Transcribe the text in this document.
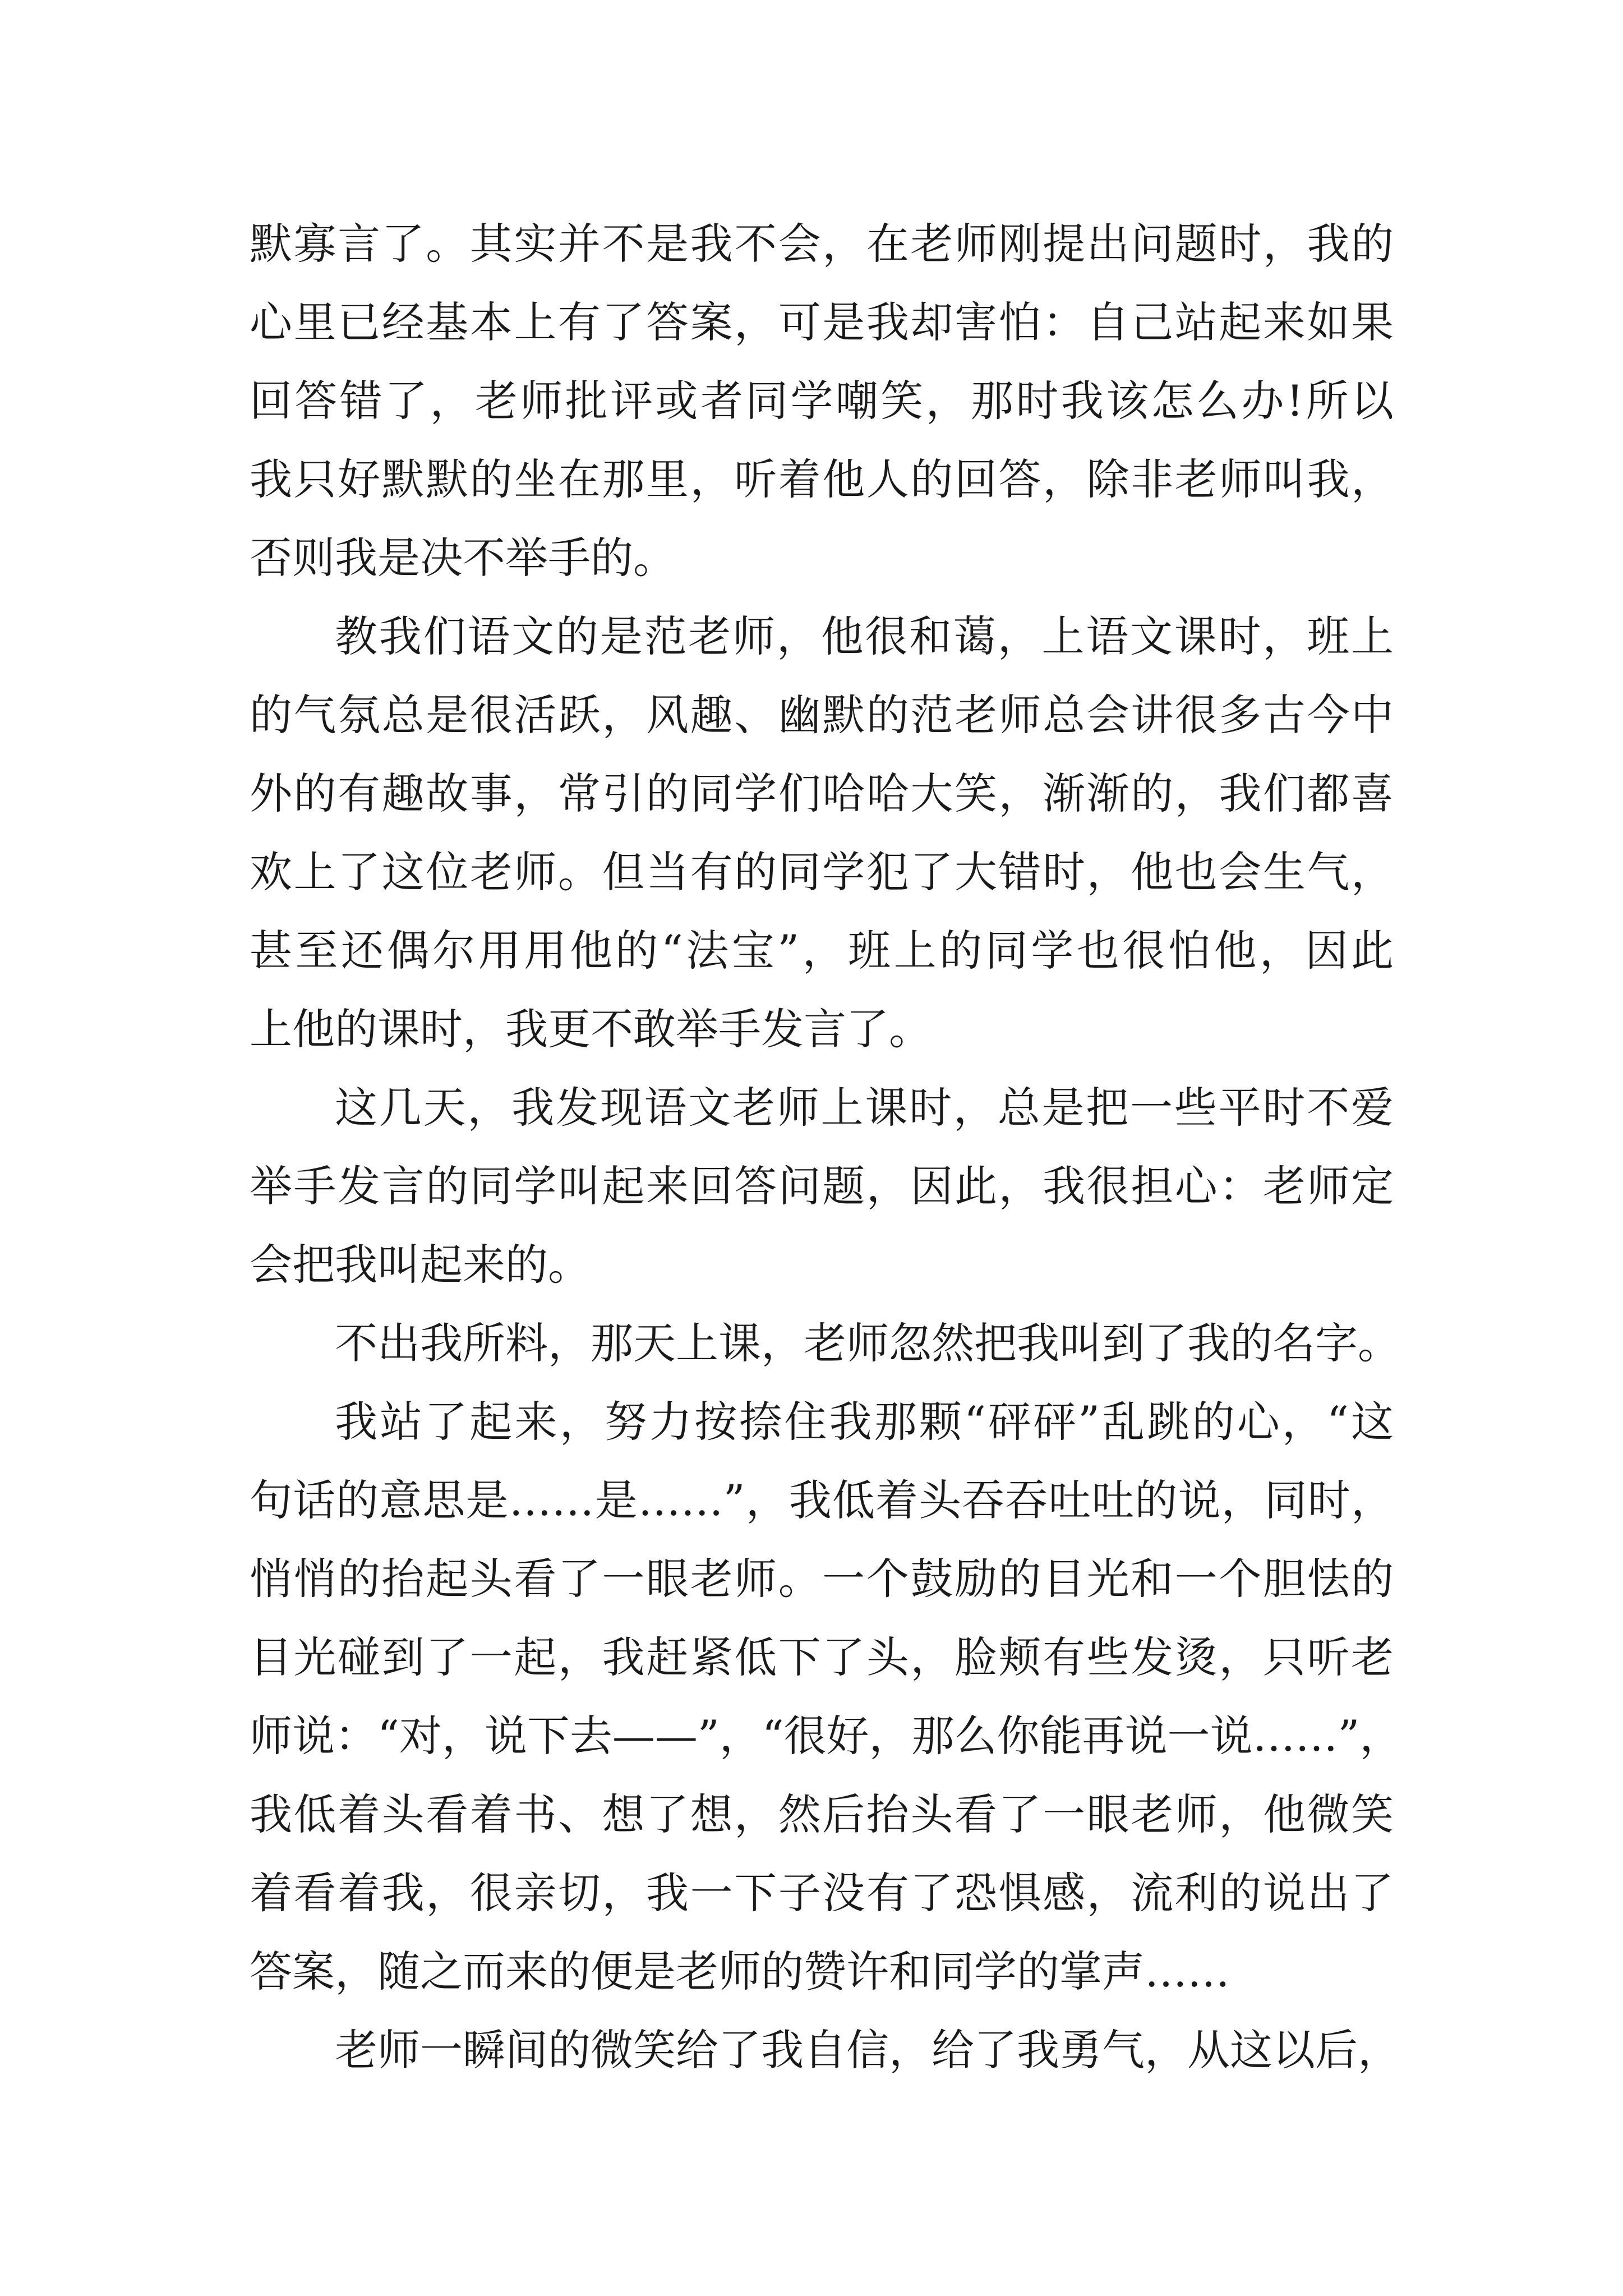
默寡言了。其实并不是我不会，在老师刚提出问题时，我的
心里已经基本上有了答案，可是我却害怕：自己站起来如果
回答错了，老师批评或者同学嘲笑，那时我该怎么办!所以
我只好默默的坐在那里，听着他人的回答，除非老师叫我，
否则我是决不举手的。
教我们语文的是范老师，他很和蔼，上语文课时，班上
的气氛总是很活跃，风趣、幽默的范老师总会讲很多古今中
外的有趣故事，常引的同学们哈哈大笑，渐渐的，我们都喜
欢上了这位老师。但当有的同学犯了大错时，他也会生气，
甚至还偶尔用用他的“法宝”，班上的同学也很怕他，因此
上他的课时，我更不敢举手发言了。
这几天，我发现语文老师上课时，总是把一些平时不爱
举手发言的同学叫起来回答问题，因此，我很担心：老师定
会把我叫起来的。
不出我所料，那天上课，老师忽然把我叫到了我的名字。
我站了起来，努力按捺住我那颗“砰砰”乱跳的心，“这
句话的意思是……是……”，我低着头吞吞吐吐的说，同时，
悄悄的抬起头看了一眼老师。一个鼓励的目光和一个胆怯的
目光碰到了一起，我赶紧低下了头，脸颊有些发烫，只听老
师说：“对，说下去——”，“很好，那么你能再说一说……”，
我低着头看着书、想了想，然后抬头看了一眼老师，他微笑
着看着我，很亲切，我一下子没有了恐惧感，流利的说出了
答案，随之而来的便是老师的赞许和同学的掌声……
老师一瞬间的微笑给了我自信，给了我勇气，从这以后，
